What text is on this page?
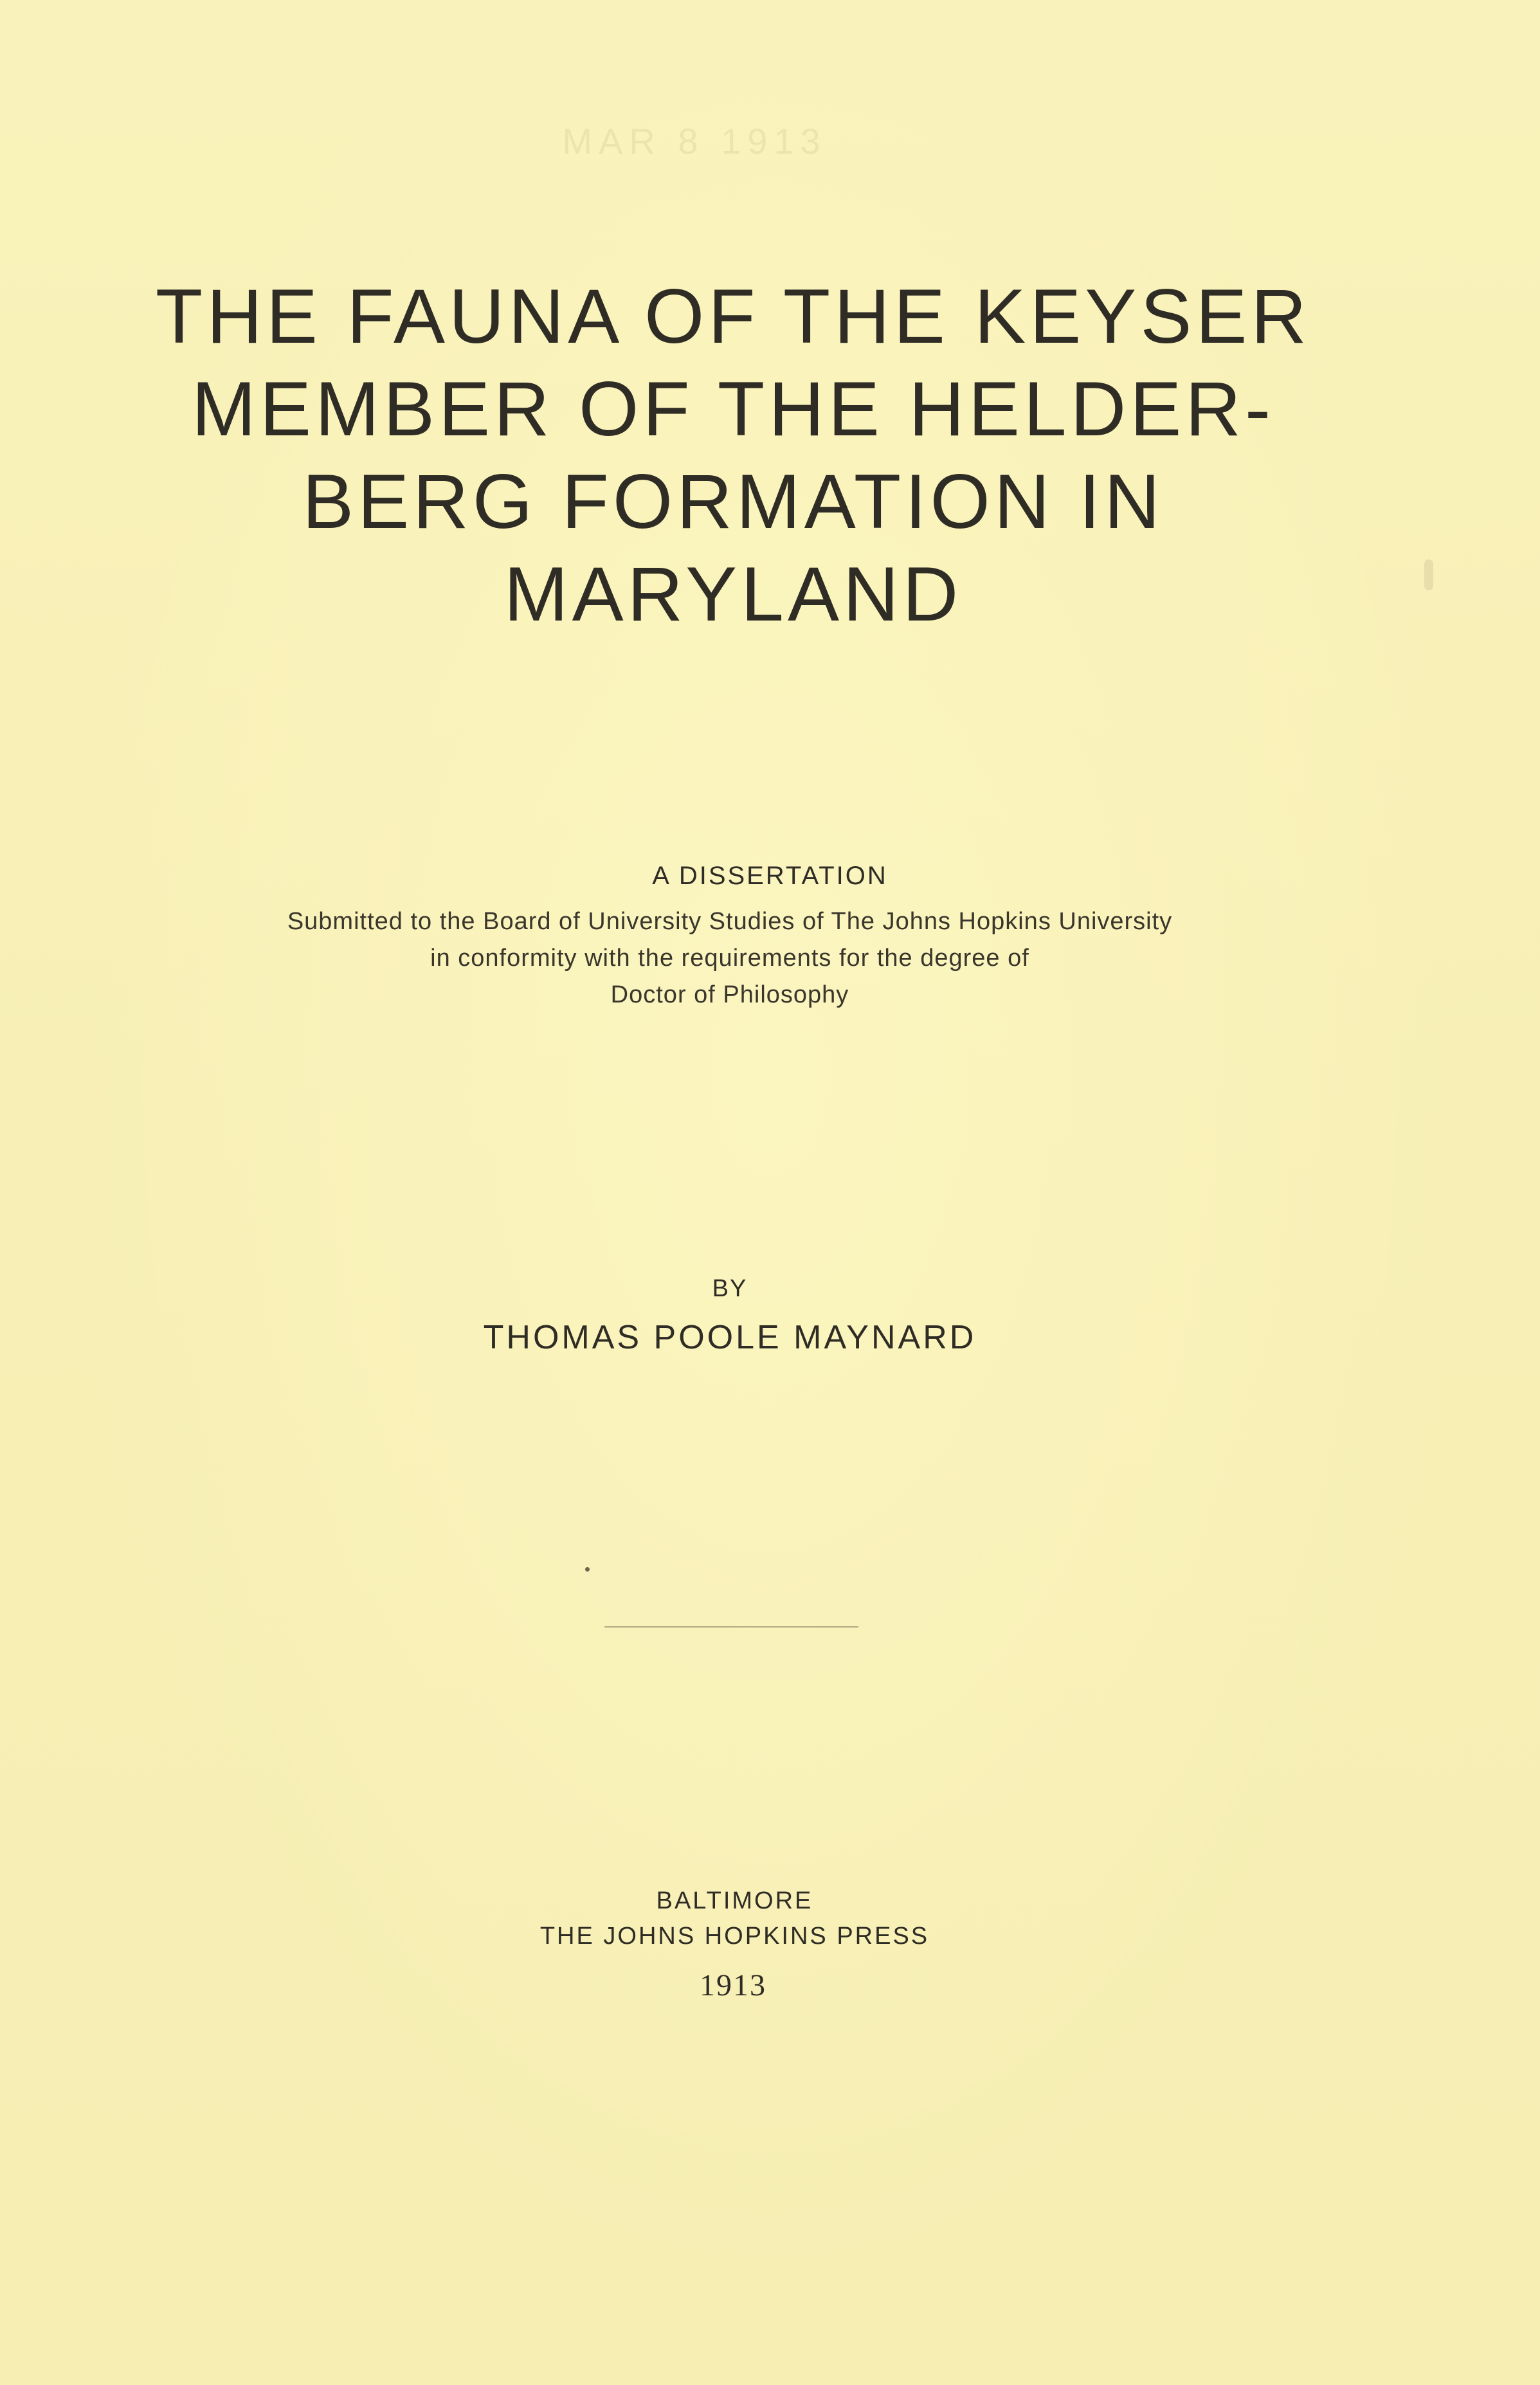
MAR 8 1913
THE FAUNA OF THE KEYSER
MEMBER OF THE HELDER-
BERG FORMATION IN
MARYLAND
A DISSERTATION
Submitted to the Board of University Studies of The Johns Hopkins University
in conformity with the requirements for the degree of
Doctor of Philosophy
BY
THOMAS POOLE MAYNARD
BALTIMORE
THE JOHNS HOPKINS PRESS
1913
